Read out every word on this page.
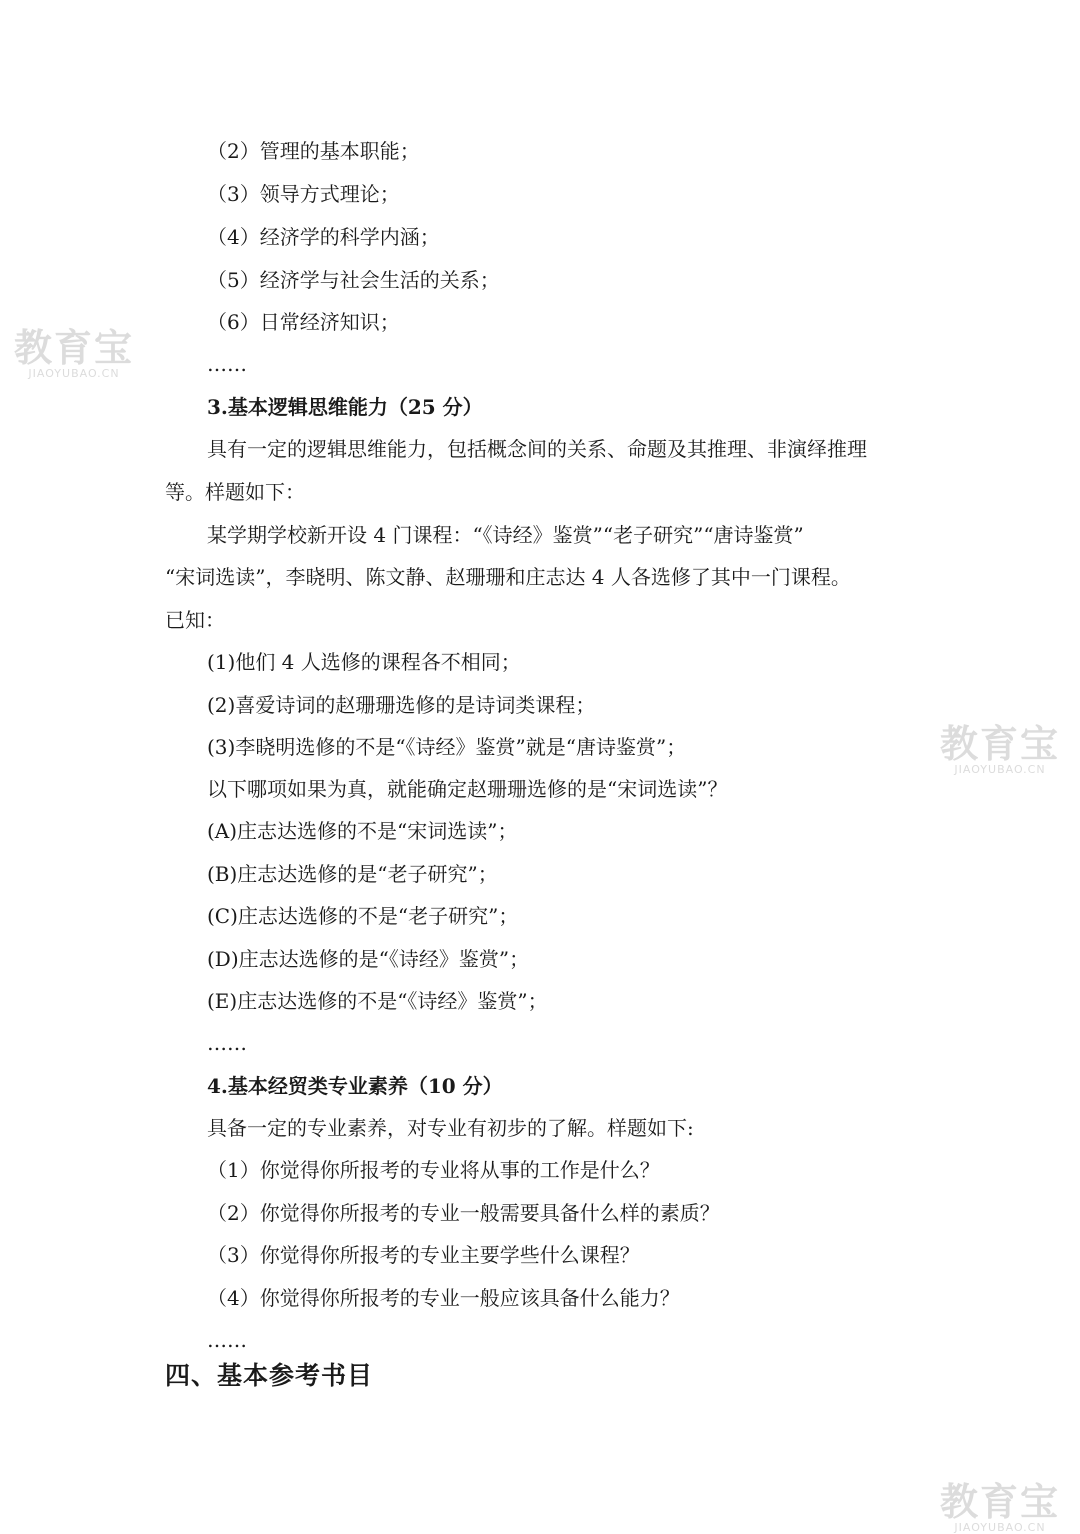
教育宝
JIAOYUBAO.CN
教育宝
JIAOYUBAO.CN
教育宝
JIAOYUBAO.CN
（2）管理的基本职能；
（3）领导方式理论；
（4）经济学的科学内涵；
（5）经济学与社会生活的关系；
（6）日常经济知识；
……
3.基本逻辑思维能力（25 分）
具有一定的逻辑思维能力，包括概念间的关系、命题及其推理、非演绎推理
等。样题如下：
某学期学校新开设 4 门课程：“《诗经》鉴赏”“老子研究”“唐诗鉴赏”
“宋词选读”，李晓明、陈文静、赵珊珊和庄志达 4 人各选修了其中一门课程。
已知：
(1)他们 4 人选修的课程各不相同；
(2)喜爱诗词的赵珊珊选修的是诗词类课程；
(3)李晓明选修的不是“《诗经》鉴赏”就是“唐诗鉴赏”；
以下哪项如果为真，就能确定赵珊珊选修的是“宋词选读”？
(A)庄志达选修的不是“宋词选读”；
(B)庄志达选修的是“老子研究”；
(C)庄志达选修的不是“老子研究”；
(D)庄志达选修的是“《诗经》鉴赏”；
(E)庄志达选修的不是“《诗经》鉴赏”；
……
4.基本经贸类专业素养（10 分）
具备一定的专业素养，对专业有初步的了解。样题如下:
（1）你觉得你所报考的专业将从事的工作是什么？
（2）你觉得你所报考的专业一般需要具备什么样的素质？
（3）你觉得你所报考的专业主要学些什么课程？
（4）你觉得你所报考的专业一般应该具备什么能力？
……
四、基本参考书目
